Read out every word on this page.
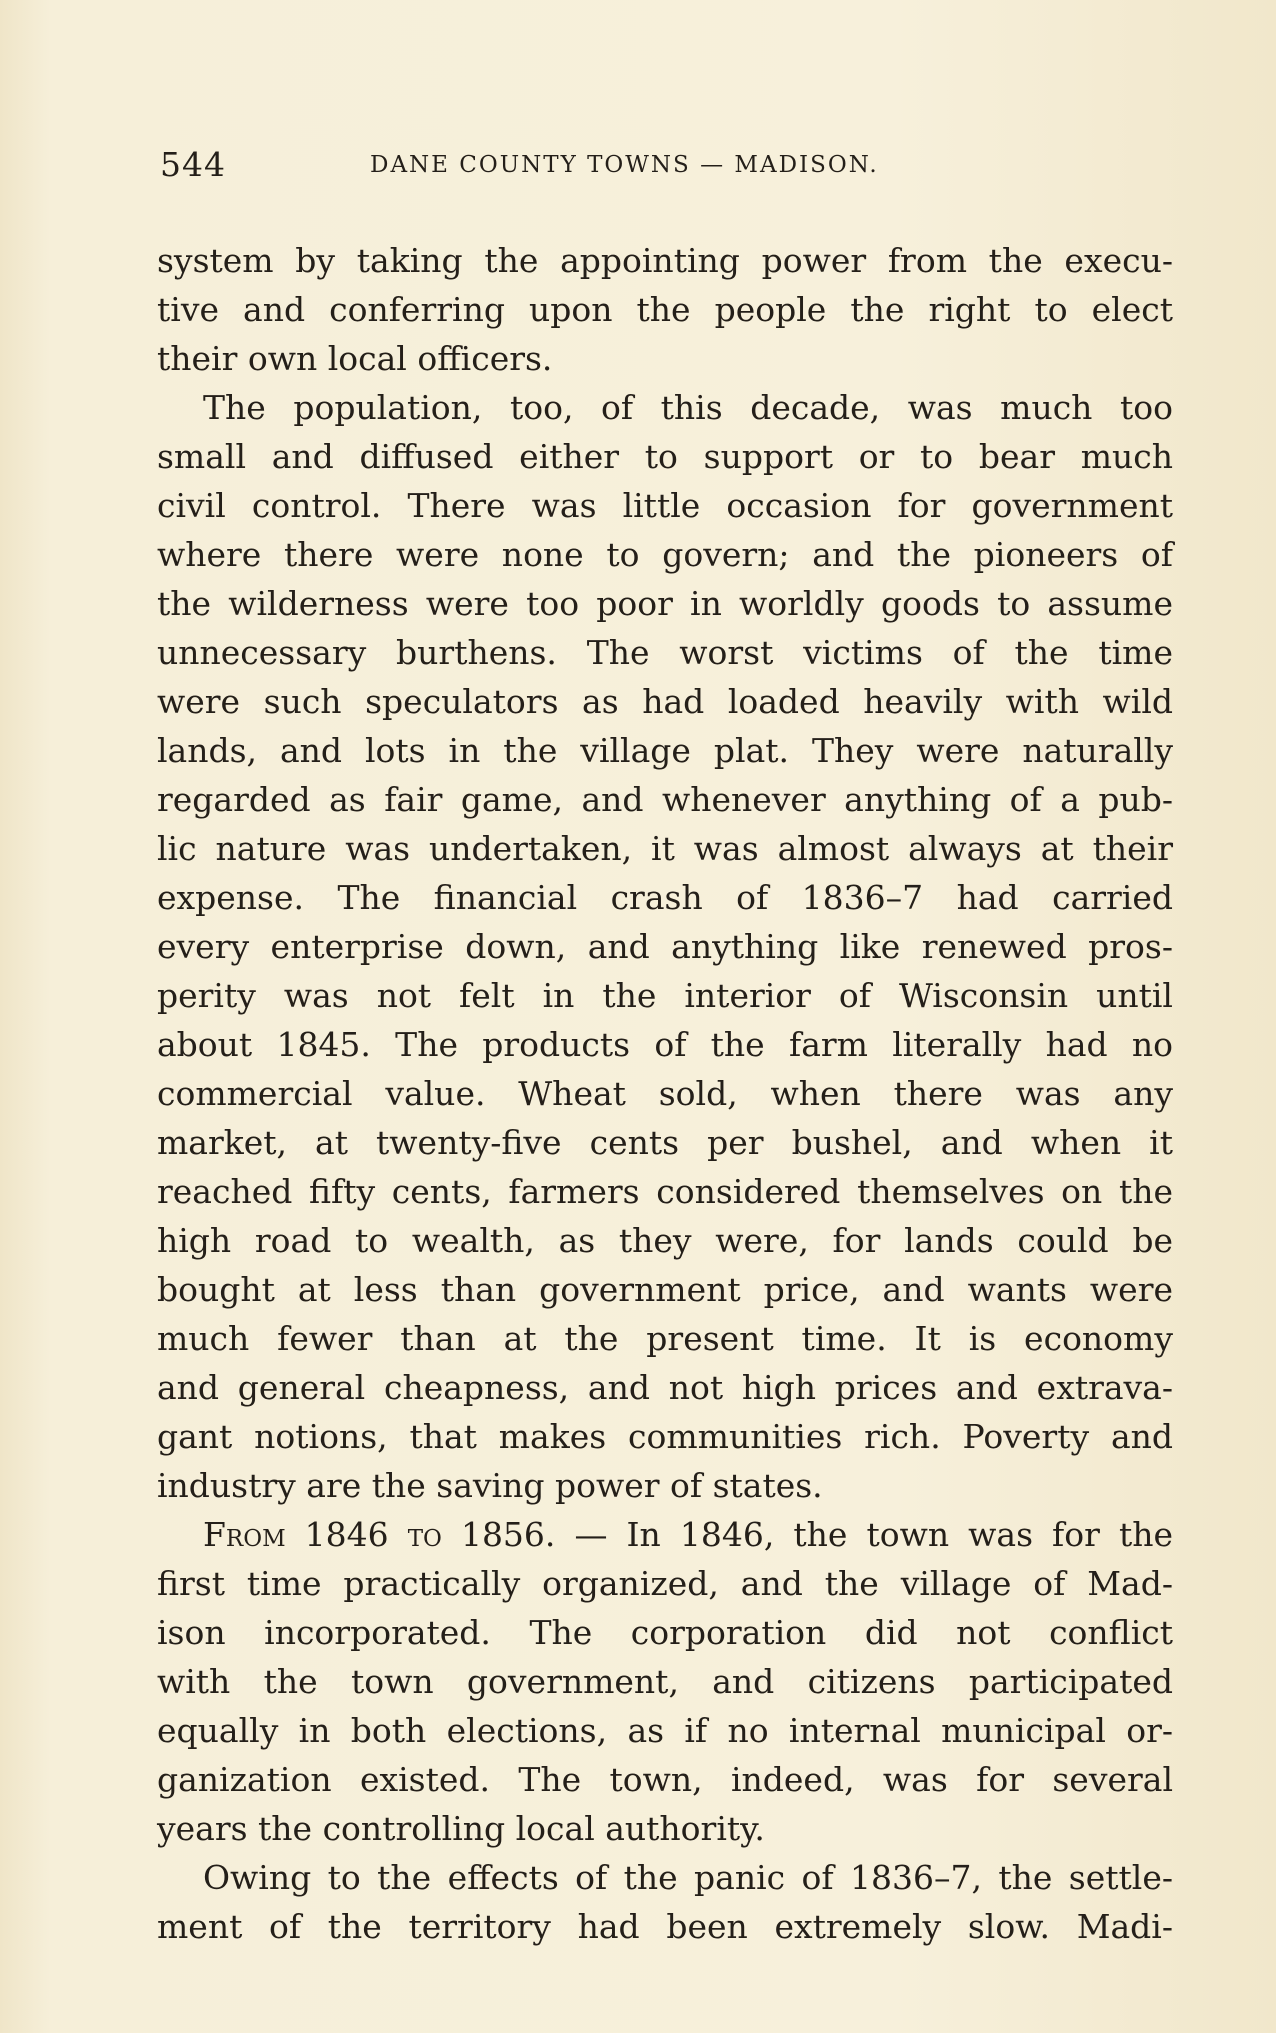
544	DANE COUNTY TOWNS — MADISON.
system by taking the appointing power from the execu-
tive and conferring upon the people the right to elect
their own local officers.
The population, too, of this decade, was much too
small and diffused either to support or to bear much
civil control. There was little occasion for government
where there were none to govern; and the pioneers of
the wilderness were too poor in worldly goods to assume
unnecessary burthens. The worst victims of the time
were such speculators as had loaded heavily with wild
lands, and lots in the village plat. They were naturally
regarded as fair game, and whenever anything of a pub-
lic nature was undertaken, it was almost always at their
expense. The financial crash of 1836–7 had carried
every enterprise down, and anything like renewed pros-
perity was not felt in the interior of Wisconsin until
about 1845. The products of the farm literally had no
commercial value. Wheat sold, when there was any
market, at twenty-five cents per bushel, and when it
reached fifty cents, farmers considered themselves on the
high road to wealth, as they were, for lands could be
bought at less than government price, and wants were
much fewer than at the present time. It is economy
and general cheapness, and not high prices and extrava-
gant notions, that makes communities rich. Poverty and
industry are the saving power of states.
From 1846 to 1856. — In 1846, the town was for the
first time practically organized, and the village of Mad-
ison incorporated. The corporation did not conflict
with the town government, and citizens participated
equally in both elections, as if no internal municipal or-
ganization existed. The town, indeed, was for several
years the controlling local authority.
Owing to the effects of the panic of 1836–7, the settle-
ment of the territory had been extremely slow. Madi-
